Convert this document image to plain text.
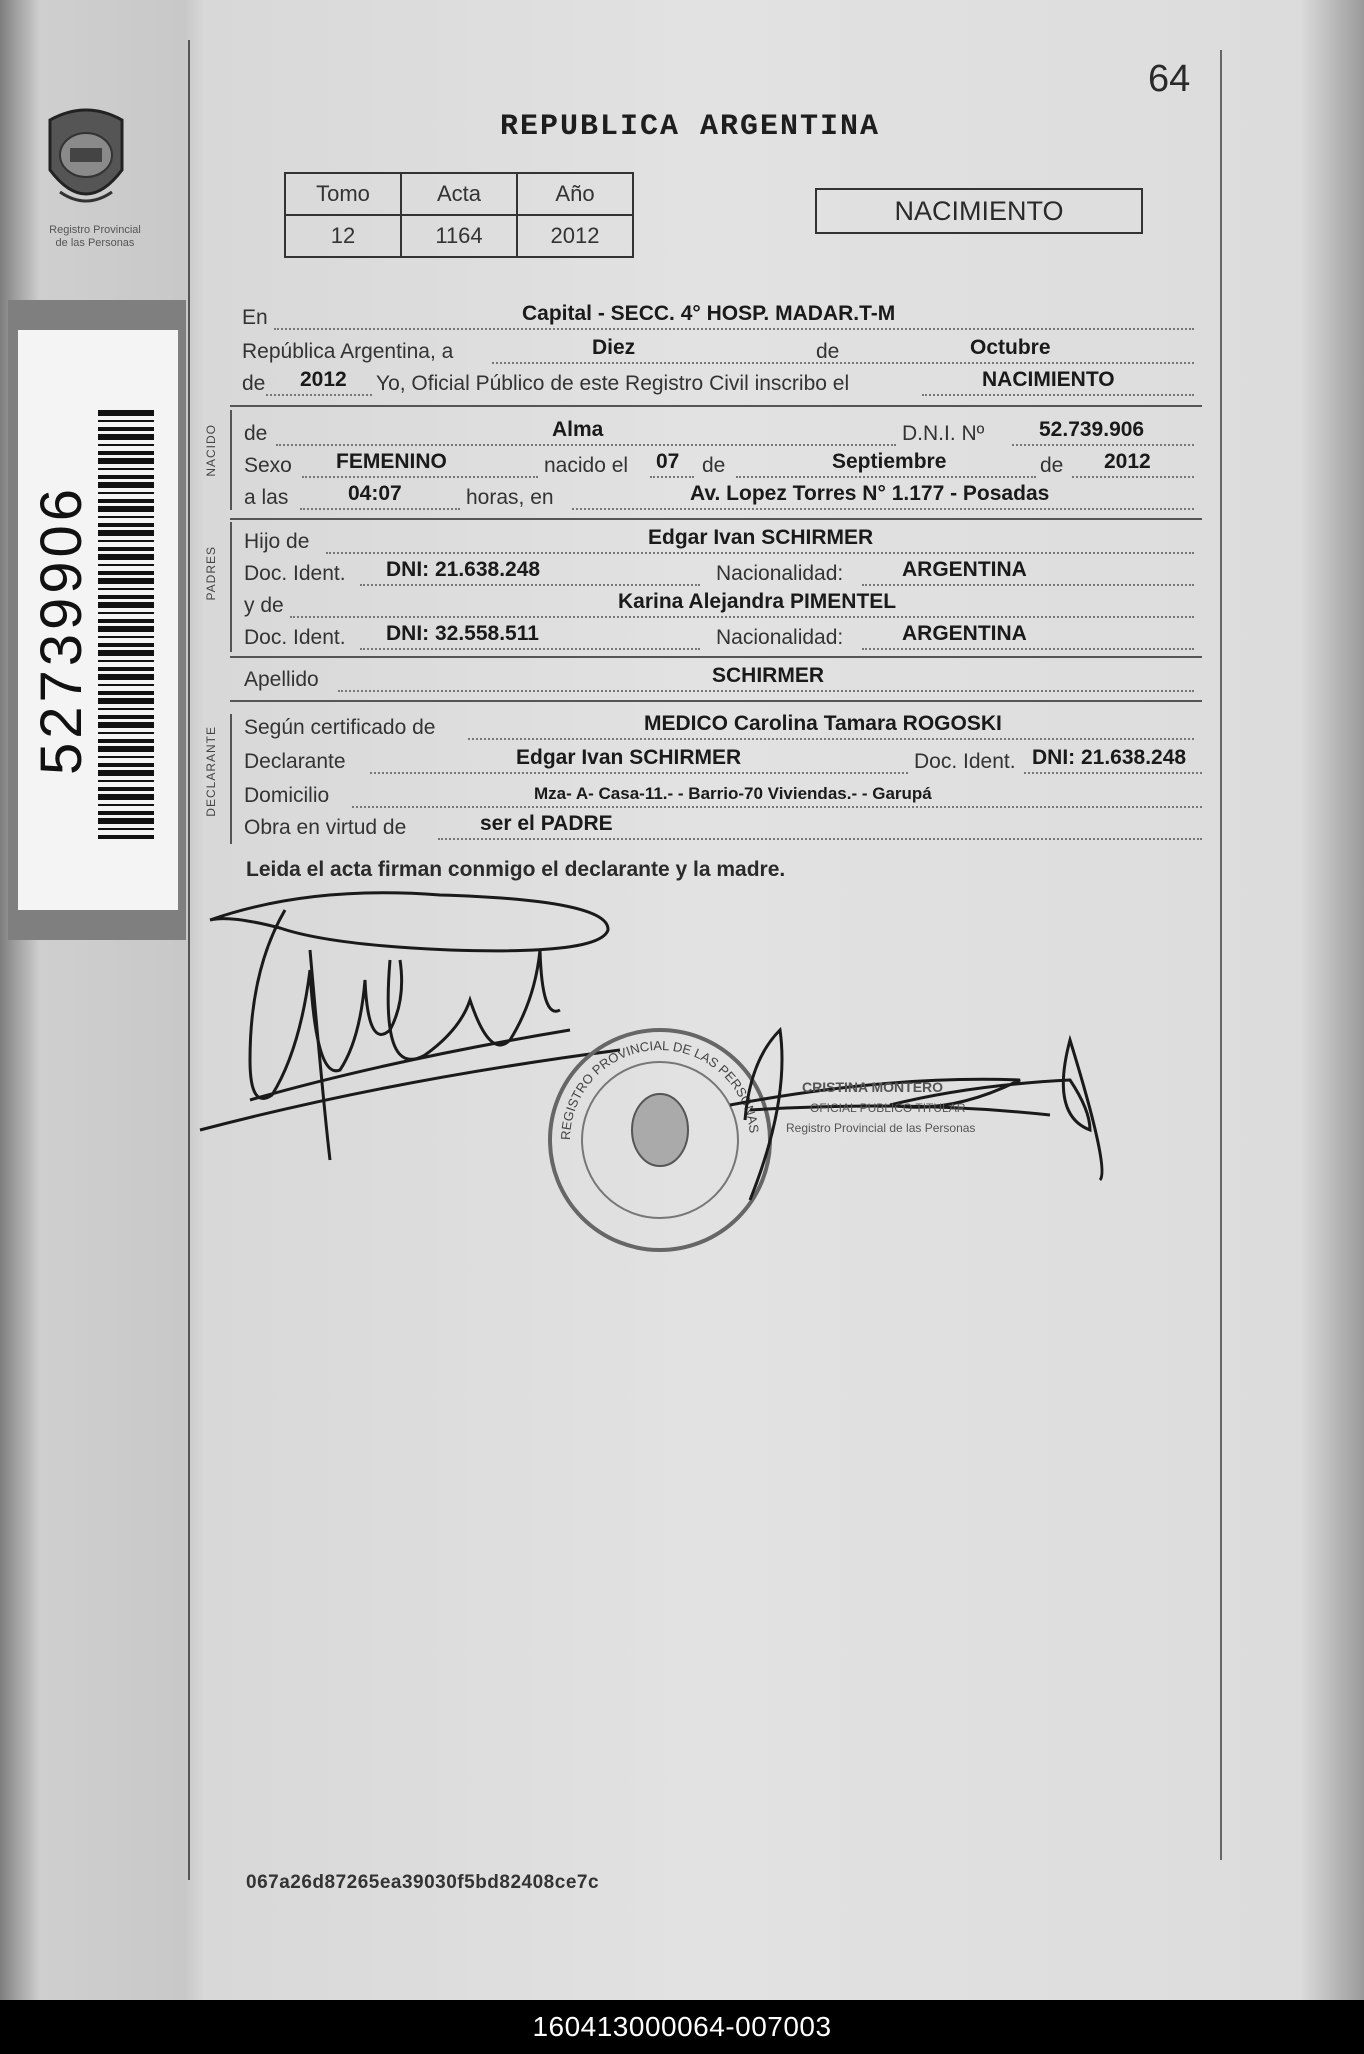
Registro Provincial
de las Personas
52739906
64
REPUBLICA ARGENTINA
Tomo	Acta	Año
12	1164	2012
NACIMIENTO
En	Capital - SECC. 4° HOSP. MADAR.T-M
República Argentina, a	Diez	de	Octubre
de 2012 Yo, Oficial Público de este Registro Civil inscribo el	NACIMIENTO
NACIDO de	Alma	D.N.I. Nº	52.739.906
Sexo FEMENINO	nacido el 07 de	Septiembre	de 2012
a las	04:07	horas, en	Av. Lopez Torres N° 1.177 - Posadas
PADRES
Hijo de	Edgar Ivan SCHIRMER
Doc. Ident. DNI: 21.638.248	Nacionalidad:	ARGENTINA
y de	Karina Alejandra PIMENTEL
Doc. Ident. DNI: 32.558.511	Nacionalidad:	ARGENTINA
Apellido	SCHIRMER
DECLARANTE Según certificado de	MEDICO Carolina Tamara ROGOSKI
Declarante	Edgar Ivan SCHIRMER	Doc. Ident. DNI: 21.638.248
Domicilio	Mza- A- Casa-11.- - Barrio-70 Viviendas.- - Garupá
Obra en virtud de	ser el PADRE
Leida el acta firman conmigo el declarante y la madre.
REGISTRO PROVINCIAL DE LAS PERSONAS
CRISTINA MONTERO
OFICIAL PUBLICO TITULAR
Registro Provincial de las Personas
067a26d87265ea39030f5bd82408ce7c
160413000064-007003
